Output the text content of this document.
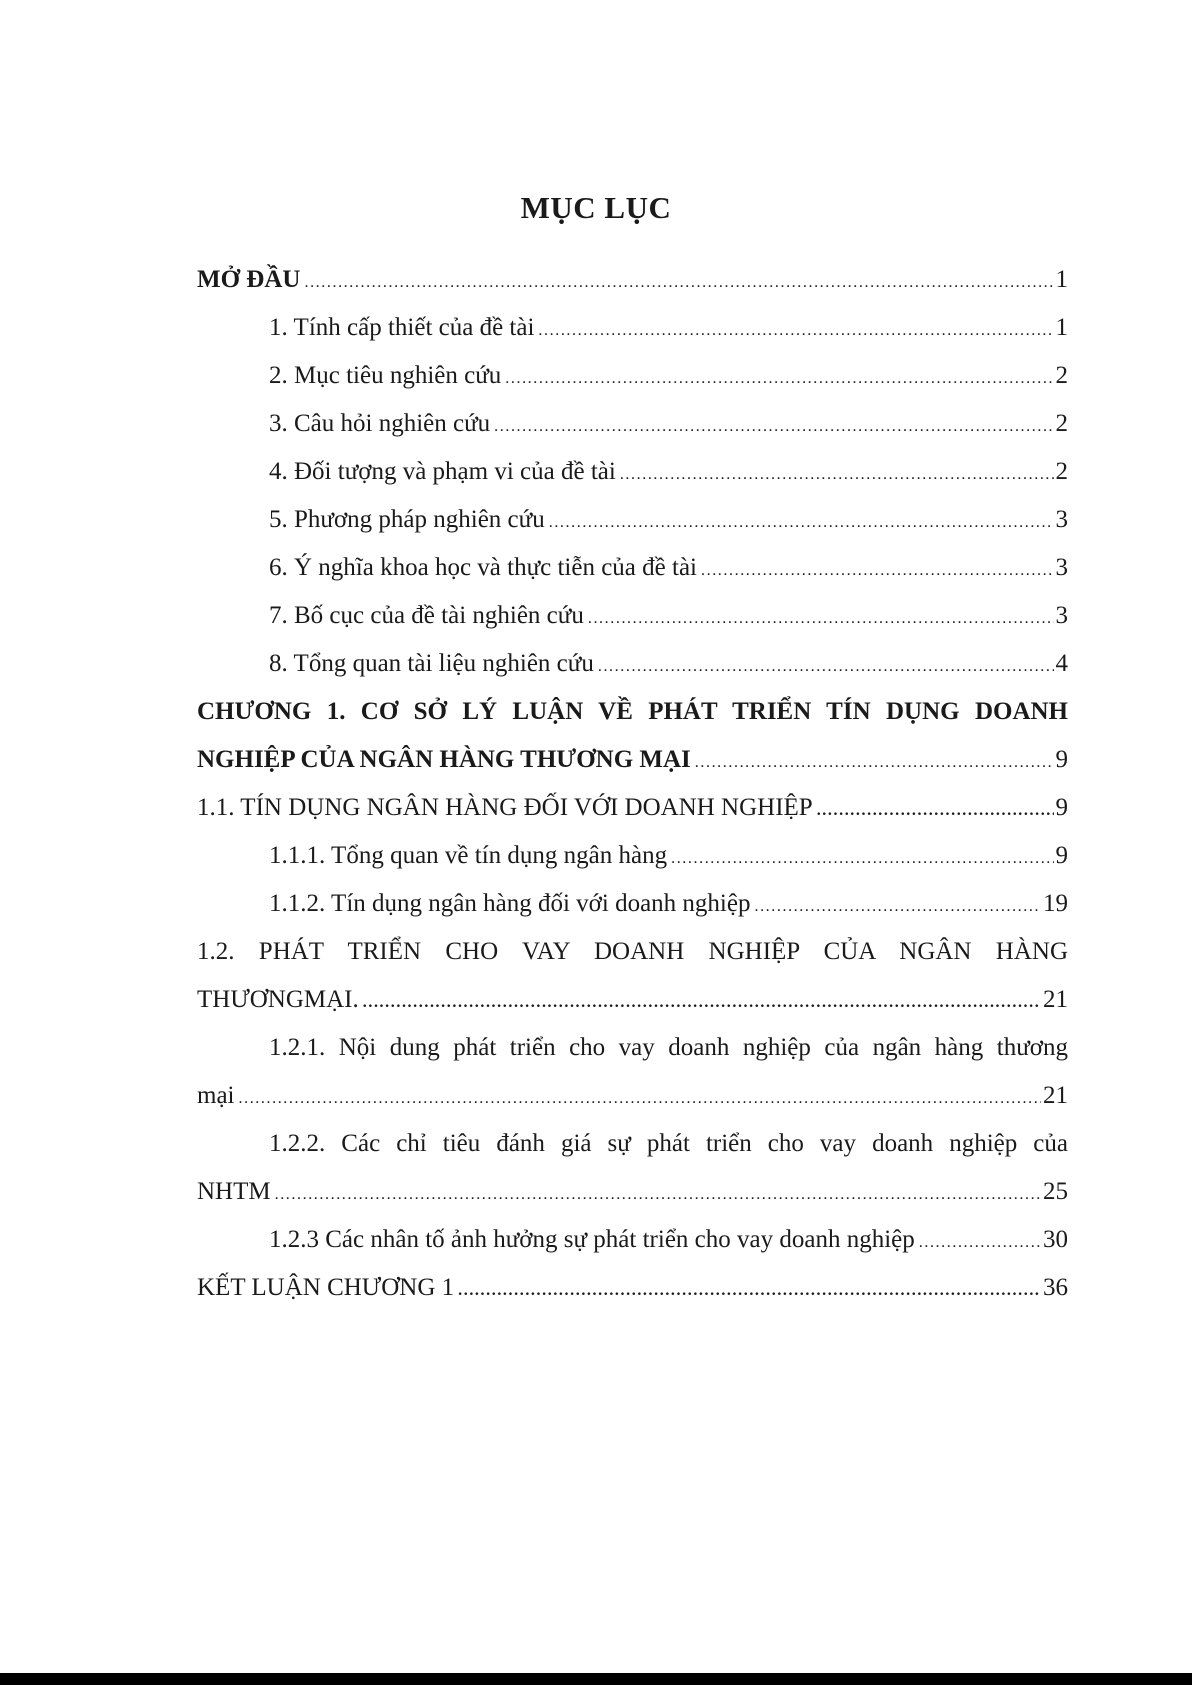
MỤC LỤC
MỞ ĐẦU .....	1
1. Tính cấp thiết của đề tài .....	1
2. Mục tiêu nghiên cứu .....	2
3. Câu hỏi nghiên cứu .....	2
4. Đối tượng và phạm vi của đề tài .....	2
5. Phương pháp nghiên cứu .....	3
6. Ý nghĩa khoa học và thực tiễn của đề tài .....	3
7. Bố cục của đề tài nghiên cứu .....	3
8. Tổng quan tài liệu nghiên cứu .....	4
CHƯƠNG 1. CƠ SỞ LÝ LUẬN VỀ PHÁT TRIỂN TÍN DỤNG DOANH
NGHIỆP CỦA NGÂN HÀNG THƯƠNG MẠI .....	9
1.1. TÍN DỤNG NGÂN HÀNG ĐỐI VỚI DOANH NGHIỆP .....	9
1.1.1. Tổng quan về tín dụng ngân hàng .....	9
1.1.2. Tín dụng ngân hàng đối với doanh nghiệp .....	19
1.2. PHÁT TRIỂN CHO VAY DOANH NGHIỆP CỦA NGÂN HÀNG
THƯƠNGMẠI. .....	21
1.2.1. Nội dung phát triển cho vay doanh nghiệp của ngân hàng thương
mại .....	21
1.2.2. Các chỉ tiêu đánh giá sự phát triển cho vay doanh nghiệp của
NHTM .....	25
1.2.3 Các nhân tố ảnh hưởng sự phát triển cho vay doanh nghiệp .....	30
KẾT LUẬN CHƯƠNG 1 .....	36
